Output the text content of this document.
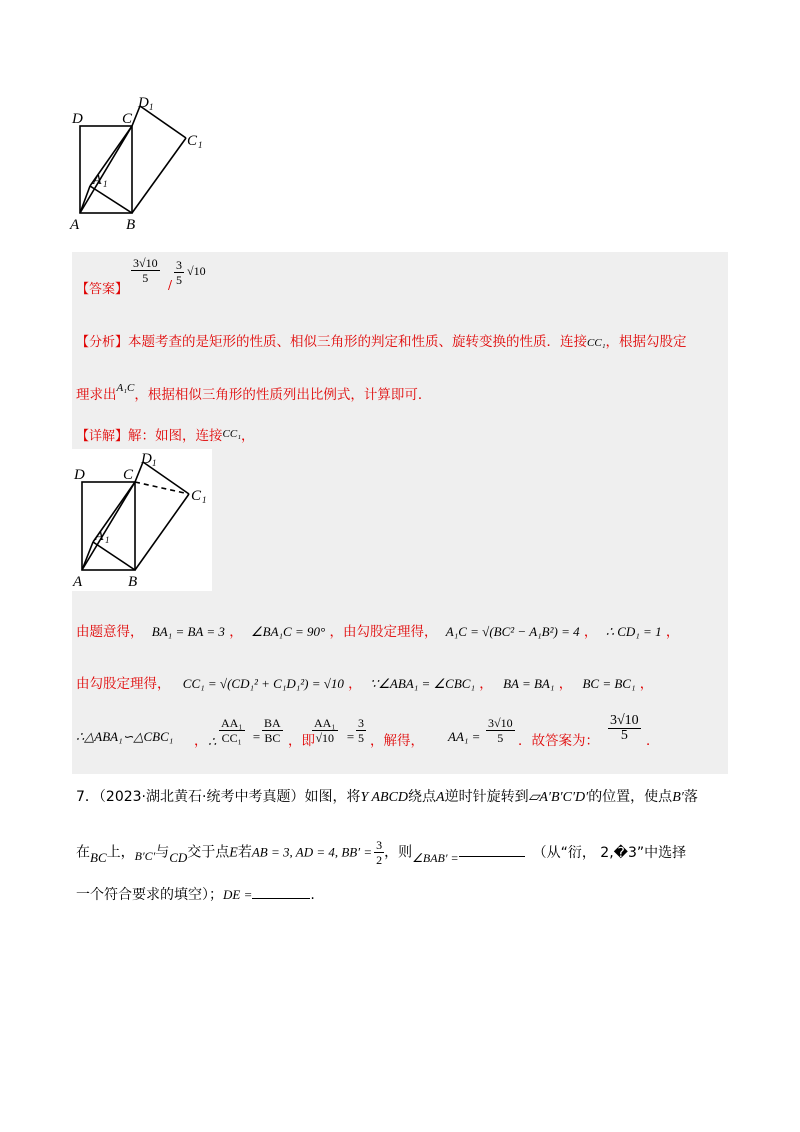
D	C
D 1
C 1
A 1
A	B
【答案】
$\frac{3√10}{5} / \frac{3}{5} √10$
【分析】本题考查的是矩形的性质、相似三角形的判定和性质、旋转变换的性质．连接CC₁，根据勾股定
理求出$^{A_1C}$，根据相似三角形的性质列出比例式，计算即可．
【详解】解：如图，连接$^{CC_1}$，
D	C
D 1
C 1
A 1
A	B
由题意得， BA₁ = BA = 3 ， ∠BA₁C = 90° ，由勾股定理得， A₁C = √(BC² − A₁B²) = 4 ， ∴ CD₁ = 1 ，
由勾股定理得， CC₁ = √(CD₁² + C₁D₁²) = √10 ， ∵∠ABA₁ = ∠CBC₁ ， BA = BA₁ ， BC = BC₁ ，
∴△ABA₁∽△CBC₁ ， ∴ $\frac{\text{AA₁}}{\text{CC₁}} = \frac{BA}{BC}$ ，即
$\frac{\text{AA₁}}{√10} = \frac{3}{5}$ ，解得， $AA_1 = \frac{3√10}{5}$ ．故答案为： $\frac{3√10}{5}$ ．
7．（2023·湖北黄石·统考中考真题）如图，将Y ABCD绕点A逆时针旋转到▱A′B′C′D′的位置，使点B′落
在BC上，B′C′与CD交于点E若AB = 3, AD = 4, $BB' = \frac{3}{2}$ ，则∠BAB′ =	（从“衍， 2,�3”中选择
一个符合要求的填空）；DE =	.
